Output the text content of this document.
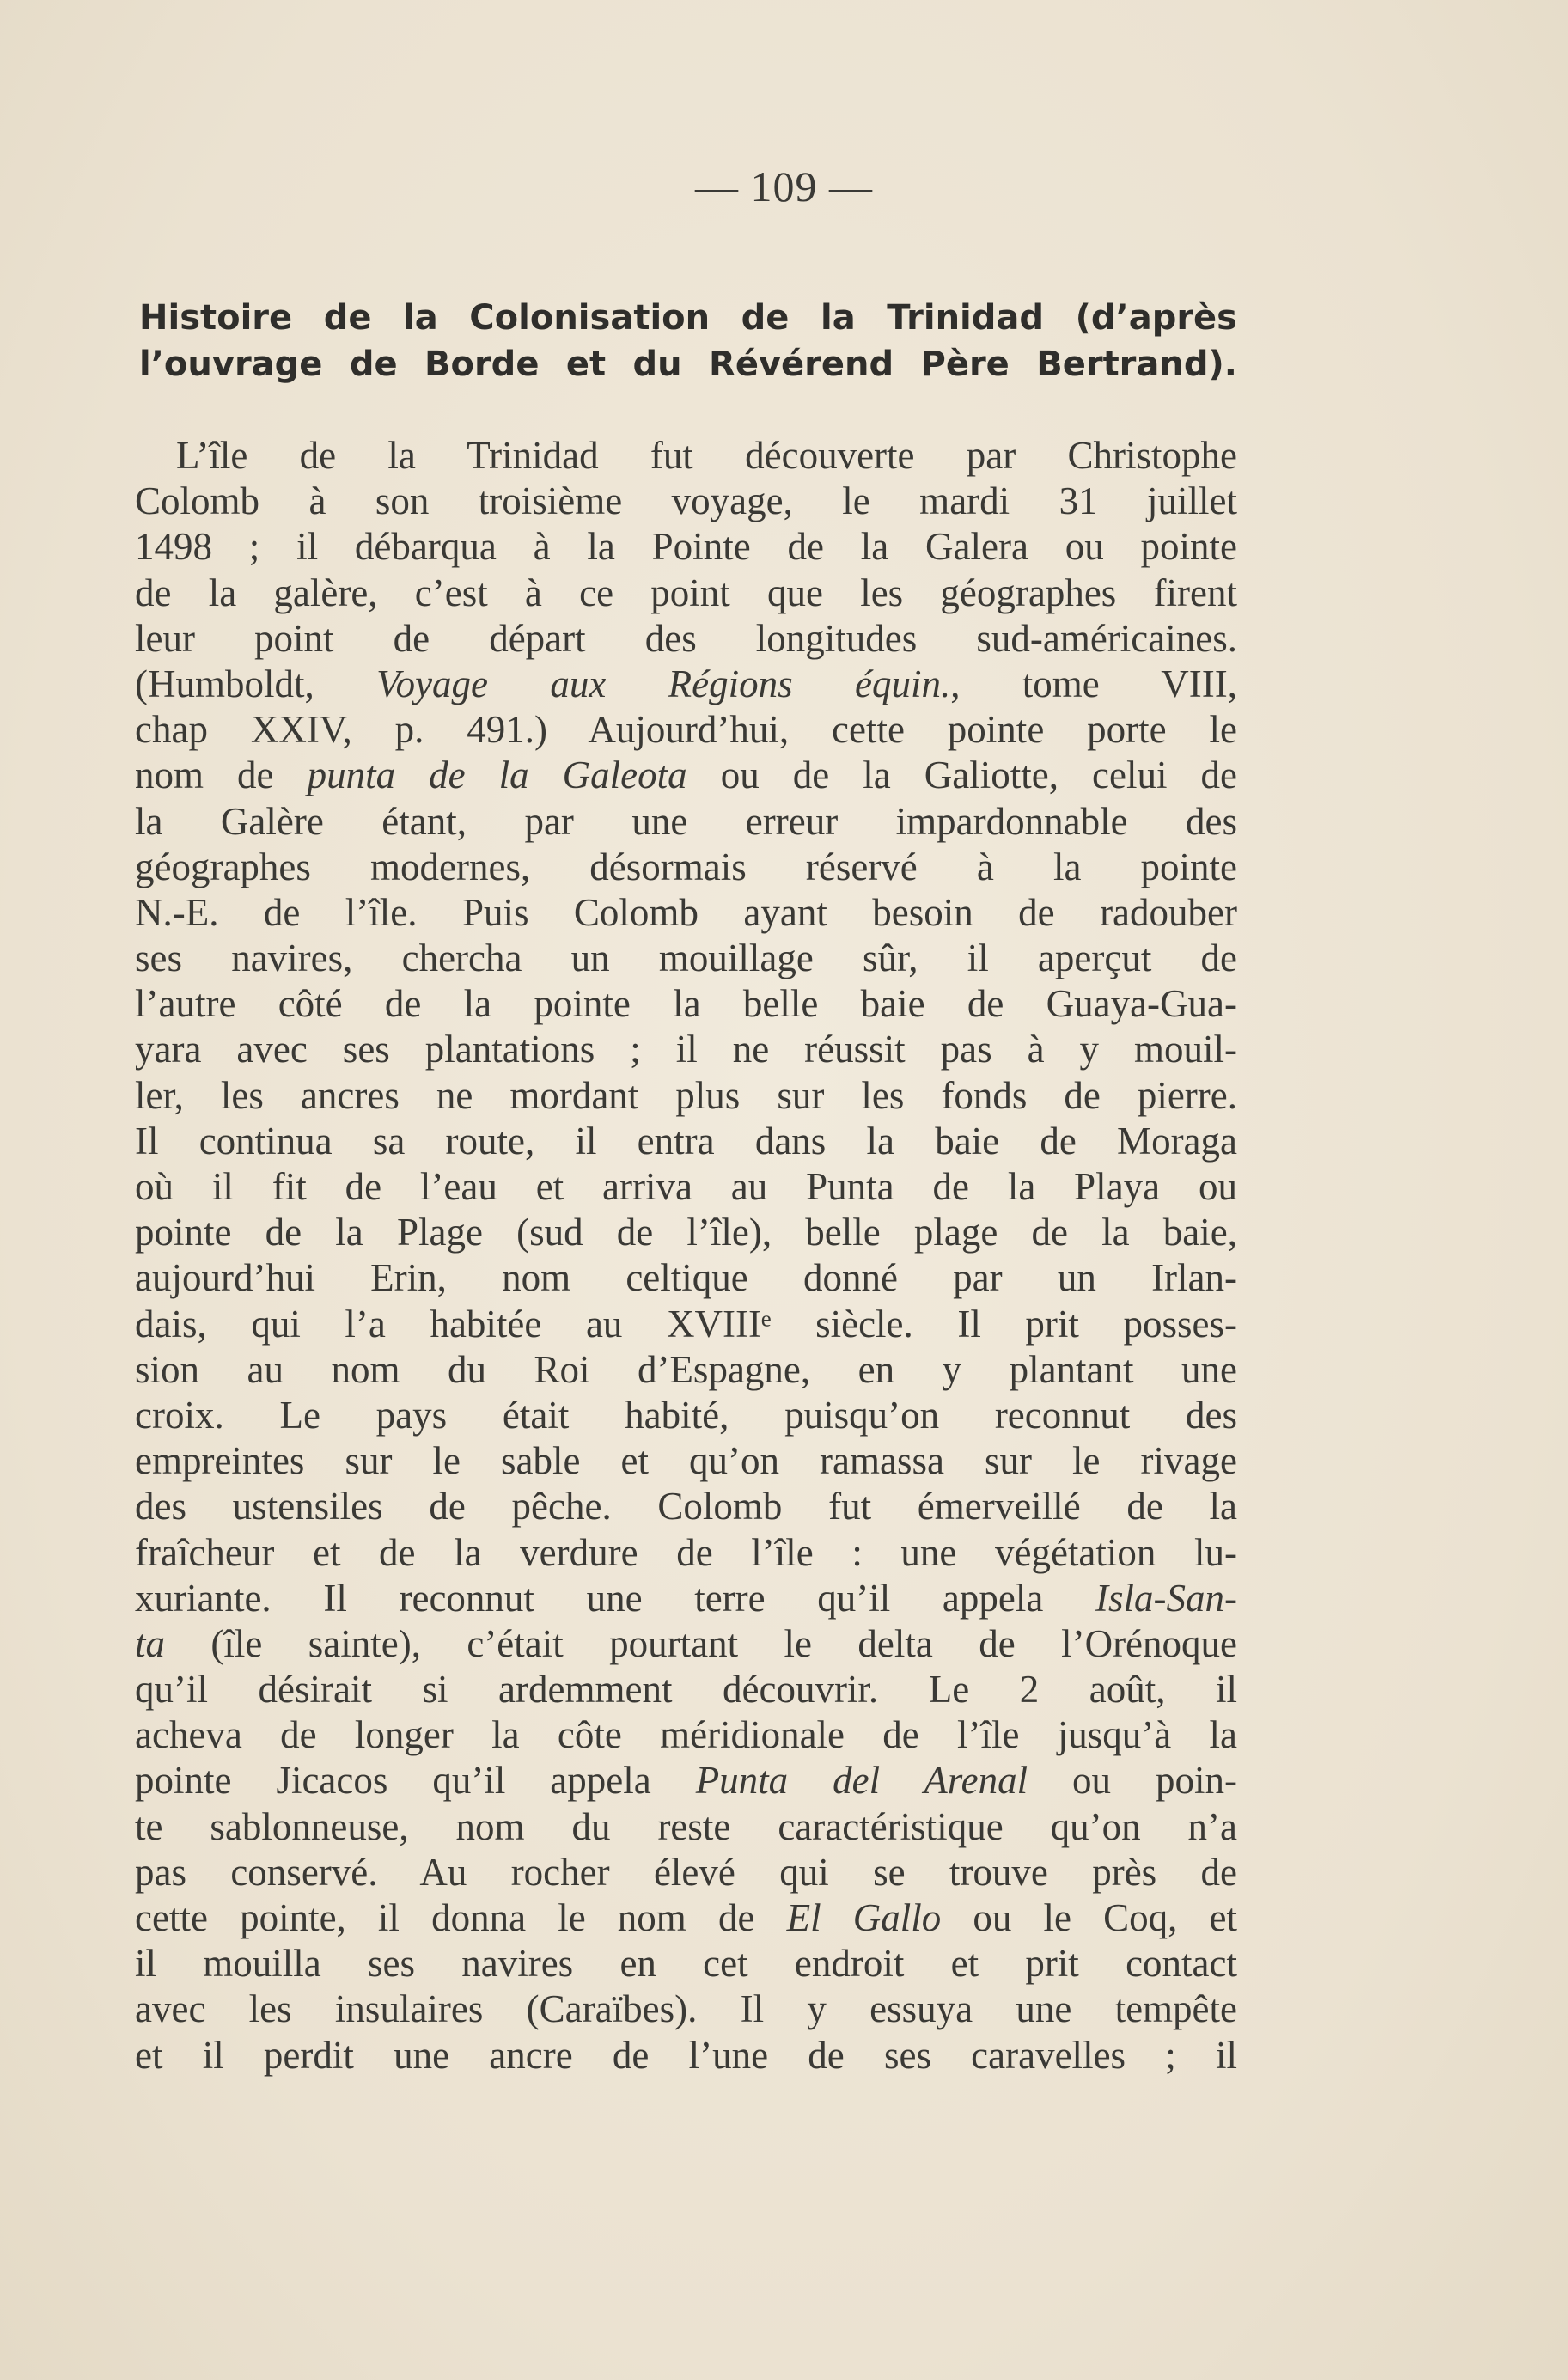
— 109 —
Histoire de la Colonisation de la Trinidad (d’après
l’ouvrage de Borde et du Révérend Père Bertrand).
L’île de la Trinidad fut découverte par Christophe
Colomb à son troisième voyage, le mardi 31 juillet
1498 ; il débarqua à la Pointe de la Galera ou pointe
de la galère, c’est à ce point que les géographes firent
leur point de départ des longitudes sud-américaines.
(Humboldt, Voyage aux Régions équin., tome VIII,
chap XXIV, p. 491.) Aujourd’hui, cette pointe porte le
nom de punta de la Galeota ou de la Galiotte, celui de
la Galère étant, par une erreur impardonnable des
géographes modernes, désormais réservé à la pointe
N.-E. de l’île. Puis Colomb ayant besoin de radouber
ses navires, chercha un mouillage sûr, il aperçut de
l’autre côté de la pointe la belle baie de Guaya-Gua-
yara avec ses plantations ; il ne réussit pas à y mouil-
ler, les ancres ne mordant plus sur les fonds de pierre.
Il continua sa route, il entra dans la baie de Moraga
où il fit de l’eau et arriva au Punta de la Playa ou
pointe de la Plage (sud de l’île), belle plage de la baie,
aujourd’hui Erin, nom celtique donné par un Irlan-
dais, qui l’a habitée au XVIIIᵉ siècle. Il prit posses-
sion au nom du Roi d’Espagne, en y plantant une
croix. Le pays était habité, puisqu’on reconnut des
empreintes sur le sable et qu’on ramassa sur le rivage
des ustensiles de pêche. Colomb fut émerveillé de la
fraîcheur et de la verdure de l’île : une végétation lu-
xuriante. Il reconnut une terre qu’il appela Isla-San-
ta (île sainte), c’était pourtant le delta de l’Orénoque
qu’il désirait si ardemment découvrir. Le 2 août, il
acheva de longer la côte méridionale de l’île jusqu’à la
pointe Jicacos qu’il appela Punta del Arenal ou poin-
te sablonneuse, nom du reste caractéristique qu’on n’a
pas conservé. Au rocher élevé qui se trouve près de
cette pointe, il donna le nom de El Gallo ou le Coq, et
il mouilla ses navires en cet endroit et prit contact
avec les insulaires (Caraïbes). Il y essuya une tempête
et il perdit une ancre de l’une de ses caravelles ; il
